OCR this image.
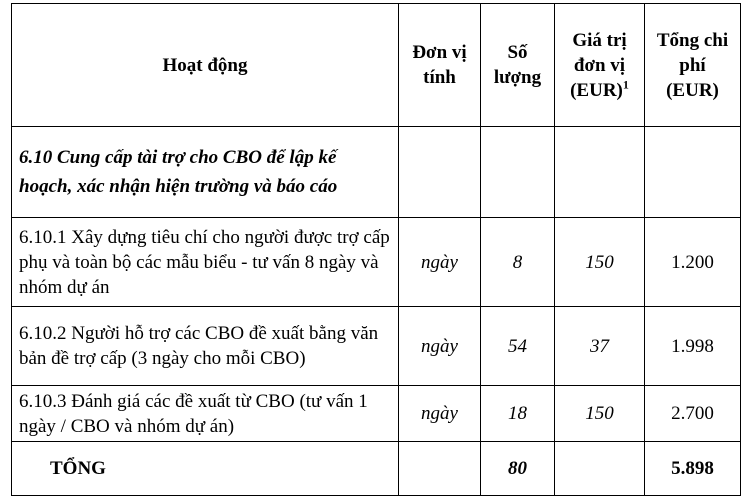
Hoạt động	Đơn vị tính	Số lượng	Giá trị đơn vị (EUR)$^1$	Tổng chi phí (EUR)
6.10 Cung cấp tài trợ cho CBO để lập kế hoạch, xác nhận hiện trường và báo cáo				
6.10.1 Xây dựng tiêu chí cho người được trợ cấp phụ và toàn bộ các mẫu biểu - tư vấn 8 ngày và nhóm dự án	ngày	8	150	1.200
6.10.2 Người hỗ trợ các CBO đề xuất bằng văn bản đề trợ cấp (3 ngày cho mỗi CBO)	ngày	54	37	1.998
6.10.3 Đánh giá các đề xuất từ CBO (tư vấn 1 ngày / CBO và nhóm dự án)	ngày	18	150	2.700
TỔNG		80		5.898
